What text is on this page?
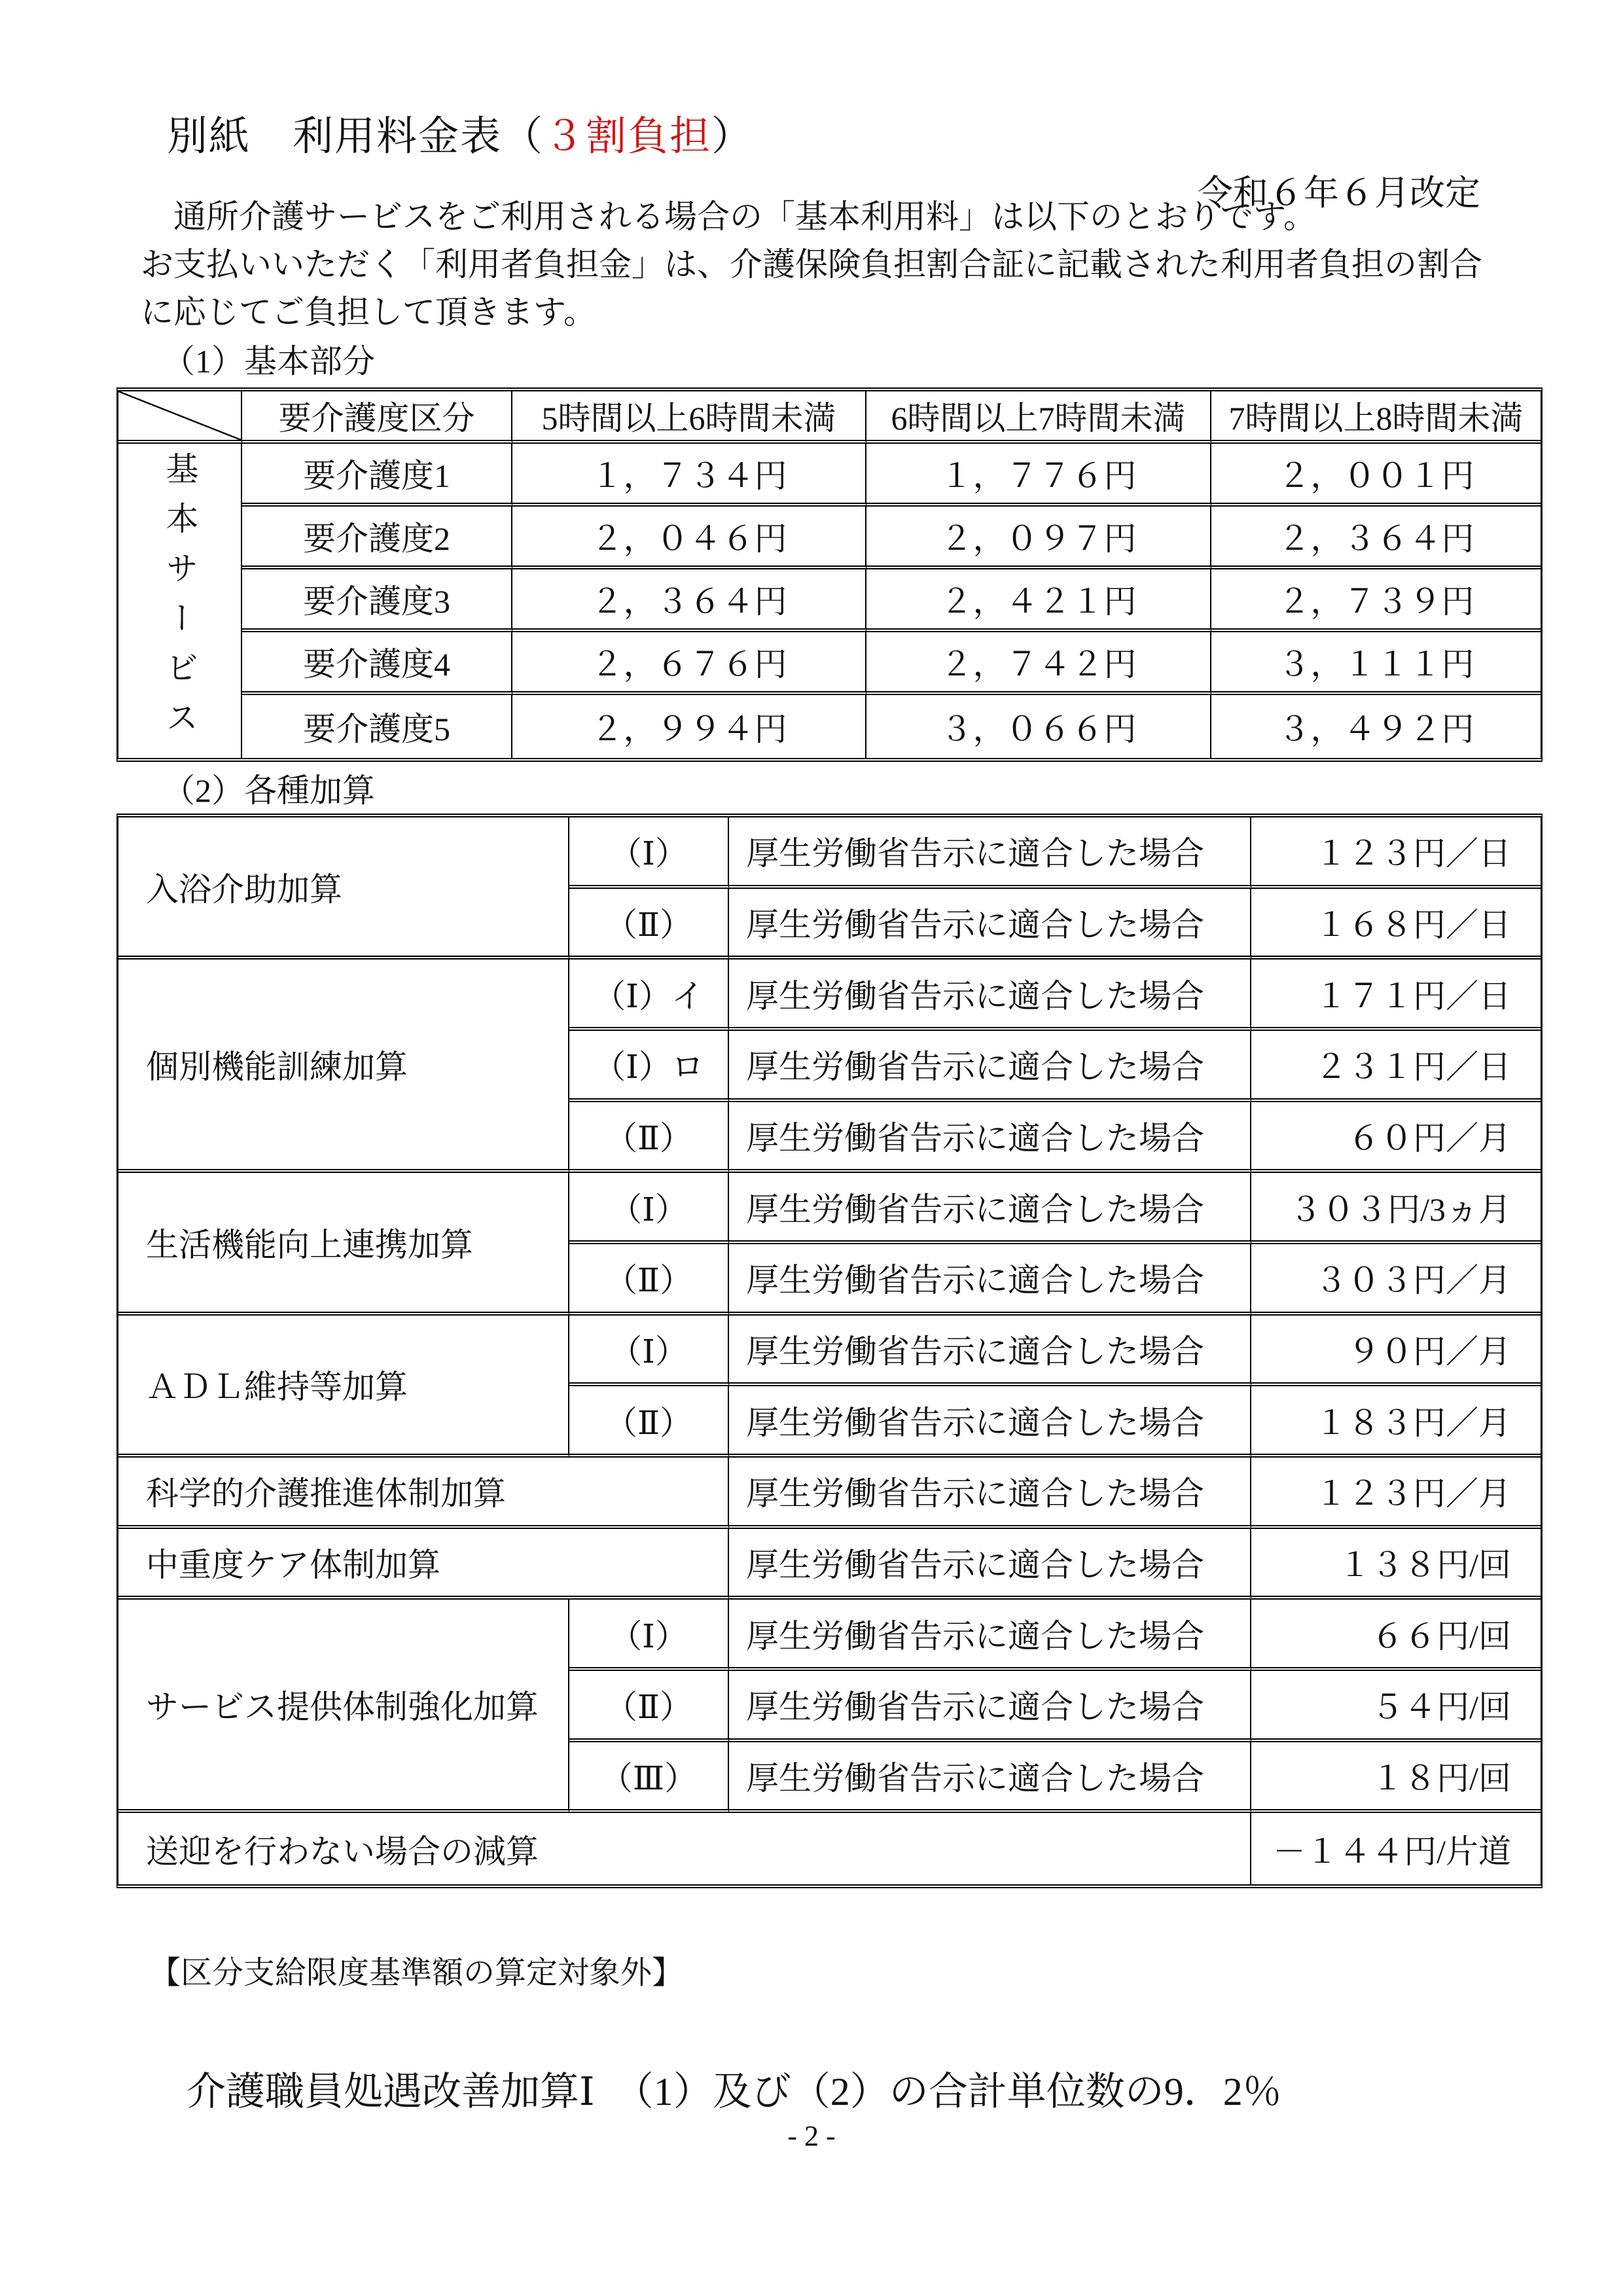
別紙　利用料金表（３割負担）
令和６年６月改定
　通所介護サービスをご利用される場合の「基本利用料」は以下のとおりです。
お支払いいただく「利用者負担金」は、介護保険負担割合証に記載された利用者負担の割合
に応じてご負担して頂きます。
（1）基本部分
要介護度区分	5時間以上6時間未満	6時間以上7時間未満	7時間以上8時間未満
基本サービス	要介護度1	１，７３４円	１，７７６円	２，００１円
要介護度2	２，０４６円	２，０９７円	２，３６４円
要介護度3	２，３６４円	２，４２１円	２，７３９円
要介護度4	２，６７６円	２，７４２円	３，１１１円
要介護度5	２，９９４円	３，０６６円	３，４９２円
（2）各種加算
入浴介助加算
（Ⅰ）	厚生労働省告示に適合した場合	１２３円／日
（Ⅱ）	厚生労働省告示に適合した場合	１６８円／日
個別機能訓練加算
（Ⅰ）イ	厚生労働省告示に適合した場合	１７１円／日
（Ⅰ）ロ	厚生労働省告示に適合した場合	２３１円／日
（Ⅱ）	厚生労働省告示に適合した場合	６０円／月
生活機能向上連携加算
（Ⅰ）	厚生労働省告示に適合した場合	３０３円/3ヵ月
（Ⅱ）	厚生労働省告示に適合した場合	３０３円／月
ＡＤＬ維持等加算
（Ⅰ）	厚生労働省告示に適合した場合	９０円／月
（Ⅱ）	厚生労働省告示に適合した場合	１８３円／月
科学的介護推進体制加算	厚生労働省告示に適合した場合	１２３円／月
中重度ケア体制加算	厚生労働省告示に適合した場合	１３８円/回
サービス提供体制強化加算
（Ⅰ）	厚生労働省告示に適合した場合	６６円/回
（Ⅱ）	厚生労働省告示に適合した場合	５４円/回
（Ⅲ）	厚生労働省告示に適合した場合	１８円/回
送迎を行わない場合の減算	－１４４円/片道
【区分支給限度基準額の算定対象外】
介護職員処遇改善加算Ⅰ　（1）及び（2）の合計単位数の9．2％
- 2 -
